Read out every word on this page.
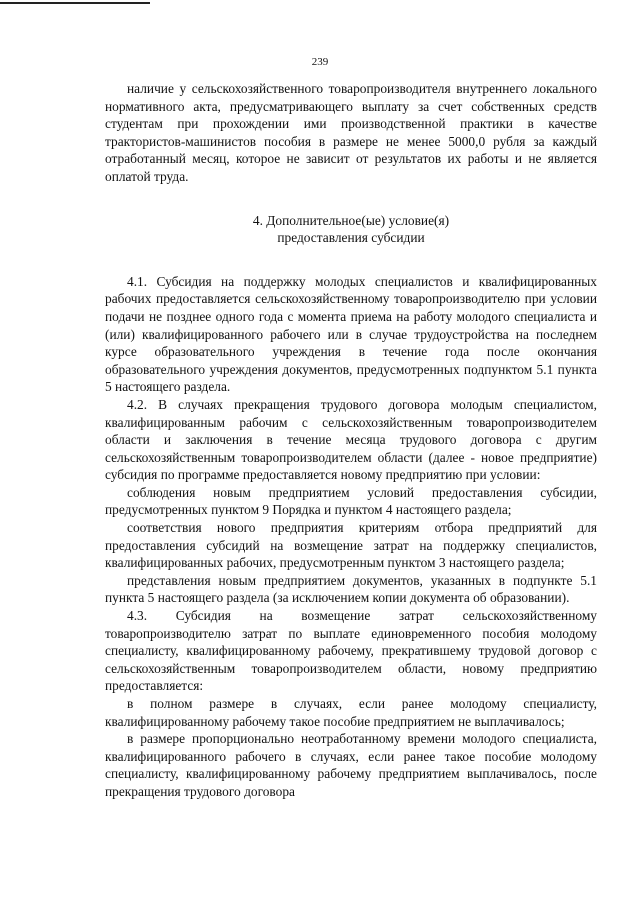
239

наличие у сельскохозяйственного товаропроизводителя внутреннего локального нормативного акта, предусматривающего выплату за счет собственных средств студентам при прохождении ими производственной практики в качестве трактористов-машинистов пособия в размере не менее 5000,0 рубля за каждый отработанный месяц, которое не зависит от результатов их работы и не является оплатой труда.

4. Дополнительное(ые) условие(я)
предоставления субсидии

4.1. Субсидия на поддержку молодых специалистов и квалифицированных рабочих предоставляется сельскохозяйственному товаропроизводителю при условии подачи не позднее одного года с момента приема на работу молодого специалиста и (или) квалифицированного рабочего или в случае трудоустройства на последнем курсе образовательного учреждения в течение года после окончания образовательного учреждения документов, предусмотренных подпунктом 5.1 пункта 5 настоящего раздела.

4.2. В случаях прекращения трудового договора молодым специалистом, квалифицированным рабочим с сельскохозяйственным товаропроизводителем области и заключения в течение месяца трудового договора с другим сельскохозяйственным товаропроизводителем области (далее - новое предприятие) субсидия по программе предоставляется новому предприятию при условии:

соблюдения новым предприятием условий предоставления субсидии, предусмотренных пунктом 9 Порядка и пунктом 4 настоящего раздела;

соответствия нового предприятия критериям отбора предприятий для предоставления субсидий на возмещение затрат на поддержку специалистов, квалифицированных рабочих, предусмотренным пунктом 3 настоящего раздела;

представления новым предприятием документов, указанных в подпункте 5.1 пункта 5 настоящего раздела (за исключением копии документа об образовании).

4.3. Субсидия на возмещение затрат сельскохозяйственному товаропроизводителю затрат по выплате единовременного пособия молодому специалисту, квалифицированному рабочему, прекратившему трудовой договор с сельскохозяйственным товаропроизводителем области, новому предприятию предоставляется:

в полном размере в случаях, если ранее молодому специалисту, квалифицированному рабочему такое пособие предприятием не выплачивалось;

в размере пропорционально неотработанному времени молодого специалиста, квалифицированного рабочего в случаях, если ранее такое пособие молодому специалисту, квалифицированному рабочему предприятием выплачивалось, после прекращения трудового договора
